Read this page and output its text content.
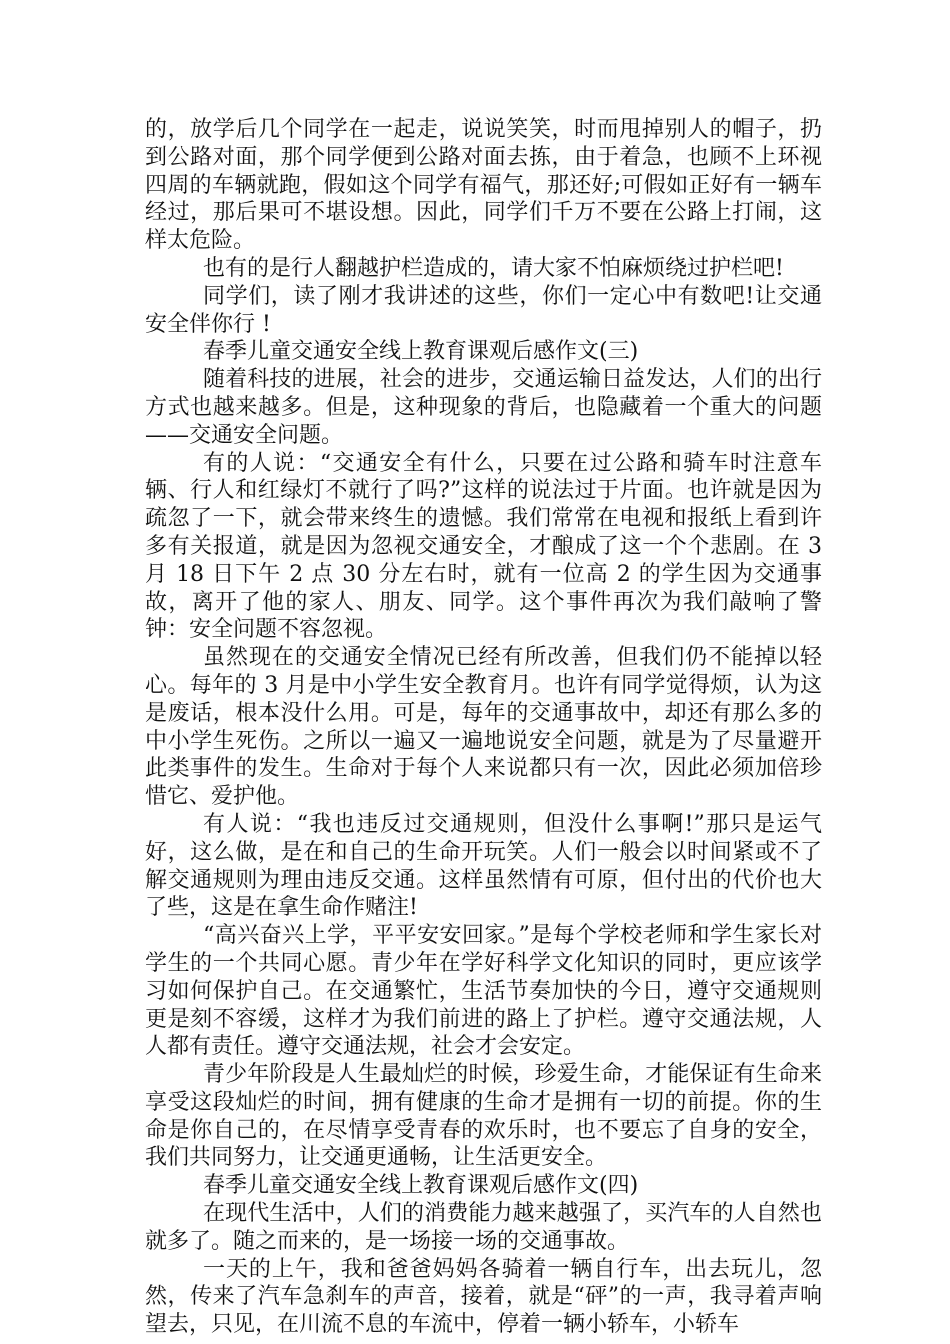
的，放学后几个同学在一起走，说说笑笑，时而甩掉别人的帽子，扔到公路对面，那个同学便到公路对面去拣，由于着急，也顾不上环视四周的车辆就跑，假如这个同学有福气，那还好;可假如正好有一辆车经过，那后果可不堪设想。因此，同学们千万不要在公路上打闹，这样太危险。

也有的是行人翻越护栏造成的，请大家不怕麻烦绕过护栏吧!

同学们，读了刚才我讲述的这些，你们一定心中有数吧!让交通安全伴你行 !

春季儿童交通安全线上教育课观后感作文(三)

随着科技的进展，社会的进步，交通运输日益发达，人们的出行方式也越来越多。但是，这种现象的背后，也隐藏着一个重大的问题——交通安全问题。

有的人说：“交通安全有什么，只要在过公路和骑车时注意车辆、行人和红绿灯不就行了吗?”这样的说法过于片面。也许就是因为疏忽了一下，就会带来终生的遗憾。我们常常在电视和报纸上看到许多有关报道，就是因为忽视交通安全，才酿成了这一个个悲剧。在 3 月 18 日下午 2 点 30 分左右时，就有一位高 2 的学生因为交通事故，离开了他的家人、朋友、同学。这个事件再次为我们敲响了警钟：安全问题不容忽视。

虽然现在的交通安全情况已经有所改善，但我们仍不能掉以轻心。每年的 3 月是中小学生安全教育月。也许有同学觉得烦，认为这是废话，根本没什么用。可是，每年的交通事故中，却还有那么多的中小学生死伤。之所以一遍又一遍地说安全问题，就是为了尽量避开此类事件的发生。生命对于每个人来说都只有一次，因此必须加倍珍惜它、爱护他。

有人说：“我也违反过交通规则，但没什么事啊!”那只是运气好，这么做，是在和自己的生命开玩笑。人们一般会以时间紧或不了解交通规则为理由违反交通。这样虽然情有可原，但付出的代价也大了些，这是在拿生命作赌注!

“高兴奋兴上学，平平安安回家。”是每个学校老师和学生家长对学生的一个共同心愿。青少年在学好科学文化知识的同时，更应该学习如何保护自己。在交通繁忙，生活节奏加快的今日，遵守交通规则更是刻不容缓，这样才为我们前进的路上了护栏。遵守交通法规，人人都有责任。遵守交通法规，社会才会安定。

青少年阶段是人生最灿烂的时候，珍爱生命，才能保证有生命来享受这段灿烂的时间，拥有健康的生命才是拥有一切的前提。你的生命是你自己的，在尽情享受青春的欢乐时，也不要忘了自身的安全，我们共同努力，让交通更通畅，让生活更安全。

春季儿童交通安全线上教育课观后感作文(四)

在现代生活中，人们的消费能力越来越强了，买汽车的人自然也就多了。随之而来的，是一场接一场的交通事故。

一天的上午，我和爸爸妈妈各骑着一辆自行车，出去玩儿，忽然，传来了汽车急刹车的声音，接着，就是“砰”的一声，我寻着声响望去，只见，在川流不息的车流中，停着一辆小轿车，小轿车
